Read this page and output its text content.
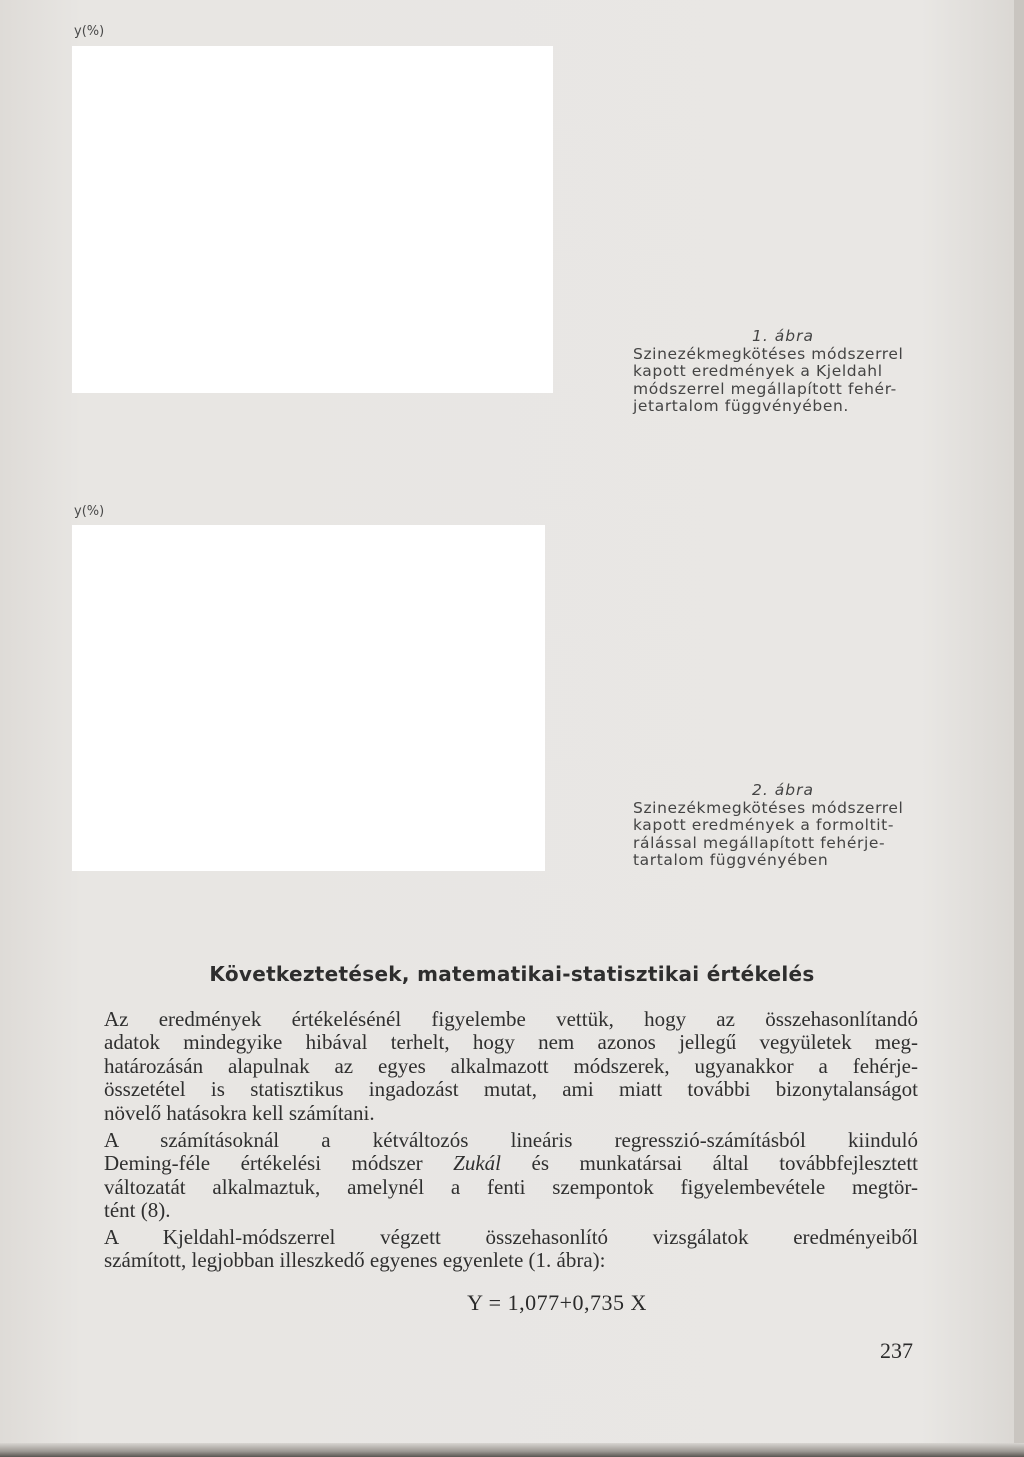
y(%)
1. ábra
Szinezékmegkötéses módszerrel
kapott eredmények a Kjeldahl
módszerrel megállapított fehér-
jetartalom függvényében.
y(%)
2. ábra
Szinezékmegkötéses módszerrel
kapott eredmények a formoltit-
rálással megállapított fehérje-
tartalom függvényében
Következtetések, matematikai-statisztikai értékelés
Az eredmények értékelésénél figyelembe vettük, hogy az összehasonlítandó
adatok mindegyike hibával terhelt, hogy nem azonos jellegű vegyületek meg-
határozásán alapulnak az egyes alkalmazott módszerek, ugyanakkor a fehérje-
összetétel is statisztikus ingadozást mutat, ami miatt további bizonytalanságot
növelő hatásokra kell számítani.
A számításoknál a kétváltozós lineáris regresszió-számításból kiinduló
Deming-féle értékelési módszer Zukál és munkatársai által továbbfejlesztett
változatát alkalmaztuk, amelynél a fenti szempontok figyelembevétele megtör-
tént (8).
A Kjeldahl-módszerrel végzett összehasonlító vizsgálatok eredményeiből
számított, legjobban illeszkedő egyenes egyenlete (1. ábra):
Y = 1,077+0,735 X
237
